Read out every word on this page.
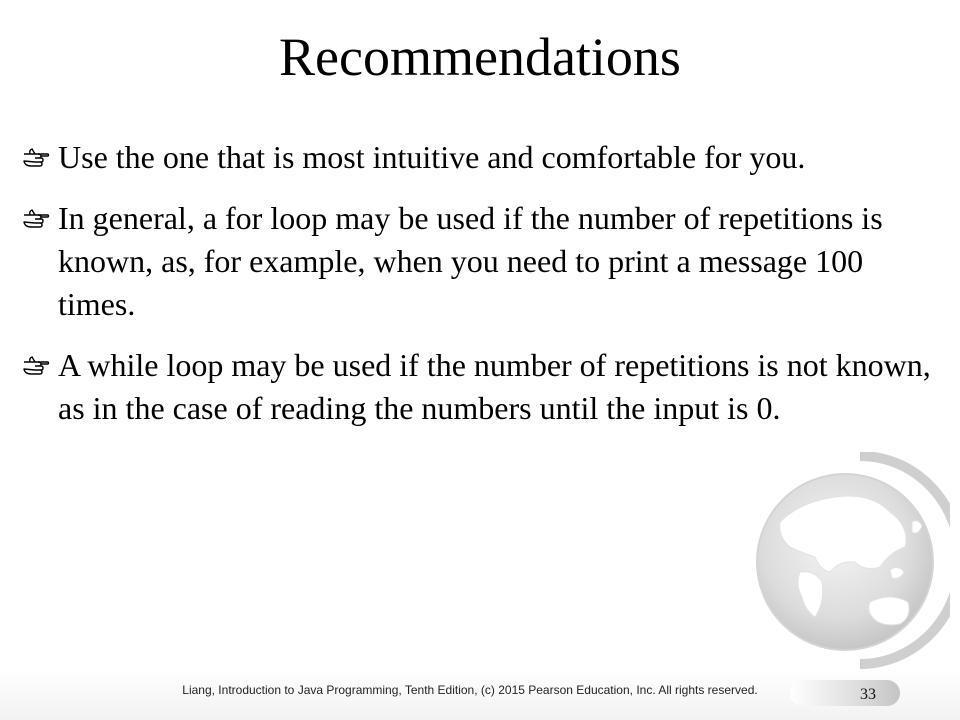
Recommendations
Use the one that is most intuitive and comfortable for you.
In general, a for loop may be used if the number of repetitions is known, as, for example, when you need to print a message 100 times.
A while loop may be used if the number of repetitions is not known, as in the case of reading the numbers until the input is 0.
Liang, Introduction to Java Programming, Tenth Edition, (c) 2015 Pearson Education, Inc. All rights reserved.	33
